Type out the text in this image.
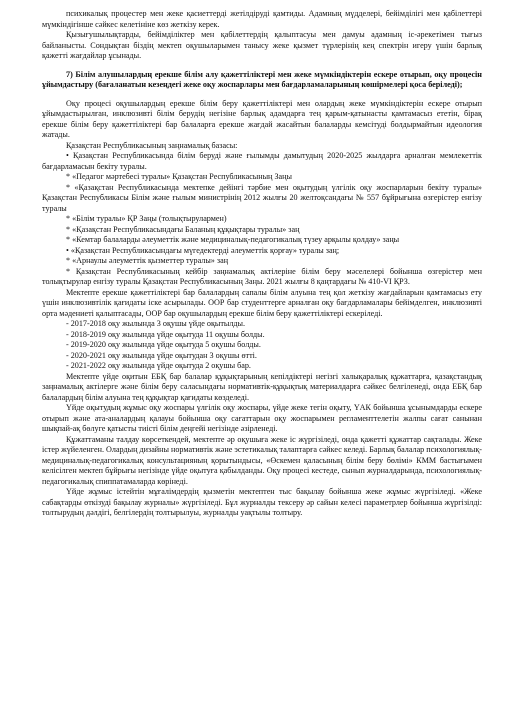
психикалық процестер мен жеке қасиеттерді жетілдіруді қамтиды. Адамның мүдделері, бейімділігі мен қабілеттері мүмкіндігінше сәйкес келетініне көз жеткізу керек.

Қызығушылықтарды, бейімділіктер мен қабілеттердің қалыптасуы мен дамуы адамның іс-әрекетімен тығыз байланысты. Сондықтан біздің мектеп оқушыларымен танысу жеке қызмет түрлерінің кең спектрін игеру үшін барлық қажетті жағдайлар ұсынады.

7) Білім алушылардың ерекше білім алу қажеттіліктері мен жеке мүмкіндіктерін ескере отырып, оқу процесін ұйымдастыру (бағаланатын кезеңдегі жеке оқу жоспарлары мен бағдарламаларының көшірмелері қоса беріледі);

Оқу процесі оқушылардың ерекше білім беру қажеттіліктері мен олардың жеке мүмкіндіктерін ескере отырып ұйымдастырылған, инклюзивті білім берудің негізіне барлық адамдарға тең қарым-қатынасты қамтамасыз ететін, бірақ ерекше білім беру қажеттіліктері бар балаларға ерекше жағдай жасайтын балаларды кемсітуді болдырмайтын идеология жатады.

Қазақстан Республикасының заңнамалық базасы:

• Қазақстан Республикасында білім беруді және ғылымды дамытудың 2020-2025 жылдарға арналған мемлекеттік бағдарламасын бекіту туралы.

* «Педагог мәртебесі туралы» Қазақстан Республикасының Заңы

* «Қазақстан Республикасында мектепке дейінгі тәрбие мен оқытудың үлгілік оқу жоспарларын бекіту туралы» Қазақстан Республикасы Білім және ғылым министрінің 2012 жылғы 20 желтоқсандағы № 557 бұйрығына өзгерістер енгізу туралы

* «Білім туралы» ҚР Заңы (толықтырулармен)

* «Қазақстан Республикасындағы Баланың құқықтары туралы» заң

* «Кемтар балаларды әлеуметтік және медициналық-педагогикалық түзеу арқылы қолдау» заңы

• «Қазақстан Республикасындағы мүгедектерді әлеуметтік қорғау» туралы заң;

* «Арнаулы әлеуметтік қызметтер туралы» заң

* Қазақстан Республикасының кейбір заңнамалық актілеріне білім беру мәселелері бойынша өзгерістер мен толықтырулар енгізу туралы Қазақстан Республикасының Заңы. 2021 жылғы 8 қаңтардағы № 410-VI ҚРЗ.

Мектепте ерекше қажеттіліктері бар балалардың сапалы білім алуына тең қол жеткізу жағдайларын қамтамасыз ету үшін инклюзивтілік қағидаты іске асырылады. ООР бар студенттерге арналған оқу бағдарламалары бейімделген, инклюзивті орта мәдениеті қалыптасады, ООР бар оқушылардың ерекше білім беру қажеттіліктері ескеріледі.

- 2017-2018 оқу жылында 3 оқушы үйде оқытылды.

- 2018-2019 оқу жылында үйде оқытуда 11 оқушы болды.

- 2019-2020 оқу жылында үйде оқытуда 5 оқушы болды.

- 2020-2021 оқу жылында үйде оқытудан 3 оқушы өтті.

- 2021-2022 оқу жылында үйде оқытуда 2 оқушы бар.

Мектепте үйде оқитын ЕБҚ бар балалар құқықтарының кепілдіктері негізгі халықаралық құжаттарға, қазақстандық заңнамалық актілерге және білім беру саласындағы нормативтік-құқықтық материалдарға сәйкес белгіленеді, онда ЕБҚ бар балалардың білім алуына тең құқықтар қағидаты көзделеді.

Үйде оқытудың жұмыс оқу жоспары үлгілік оқу жоспары, үйде жеке тегін оқыту, ҮАК бойынша ұсынымдарды ескере отырып және ата-аналардың қалауы бойынша оқу сағаттарын оқу жоспарымен регламенттелетін жалпы сағат санынан шықпай-ақ бөлуге қатысты тиісті білім деңгейі негізінде әзірленеді.

Құжаттаманы талдау көрсеткендей, мектепте әр оқушыға жеке іс жүргізіледі, онда қажетті құжаттар сақталады. Жеке істер жүйеленген. Олардың дизайны нормативтік және эстетикалық талаптарға сәйкес келеді. Барлық балалар психологиялық-медициналық-педагогикалық консультацияның қорытындысы, «Өскемен қаласының білім беру бөлімі» КММ бастығымен келісілген мектеп бұйрығы негізінде үйде оқытуға қабылданды. Оқу процесі кестеде, сынып журналдарында, психологиялық-педагогикалық спиппатамаларда көрінеді.

Үйде жұмыс істейтін мұғалімдердің қызметін мектептен тыс бақылау бойынша жеке жұмыс жүргізіледі. «Жеке сабақтарды өткізуді бақылау журналы» жүргізіледі. Бұл журналды тексеру әр сайын келесі параметрлер бойынша жүргізілді: толтырудың дәлдігі, белгілердің толтырылуы, журналды уақтылы толтыру.
